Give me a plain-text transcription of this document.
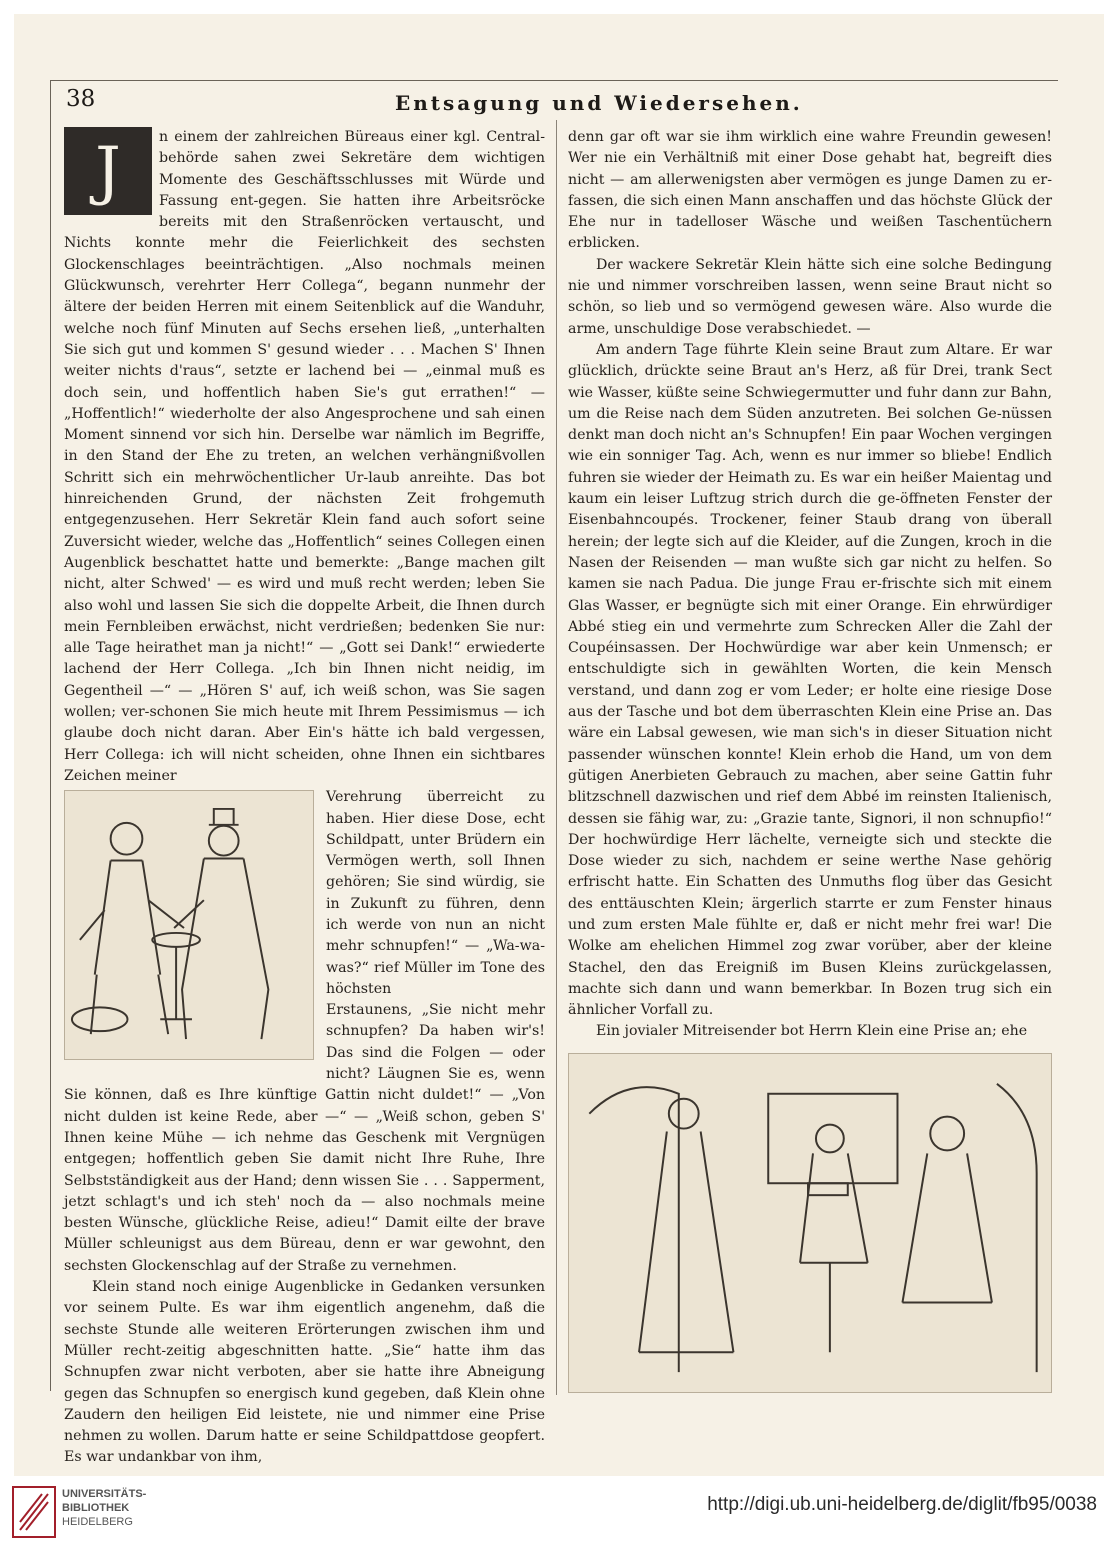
38	Entsagung und Wiedersehen.
J	n einem der zahlreichen Büreaus einer kgl. Central-behörde sahen zwei Sekretäre dem wichtigen Momente des Geschäftsschlusses mit Würde und Fassung ent-gegen. Sie hatten ihre Arbeitsröcke bereits mit den Straßenröcken vertauscht, und Nichts konnte mehr die Feierlichkeit des sechsten Glockenschlages beeinträchtigen. „Also nochmals meinen Glückwunsch, verehrter Herr Collega“, begann nunmehr der ältere der beiden Herren mit einem Seitenblick auf die Wanduhr, welche noch fünf Minuten auf Sechs ersehen ließ, „unterhalten Sie sich gut und kommen S' gesund wieder . . . Machen S' Ihnen weiter nichts d'raus“, setzte er lachend bei — „einmal muß es doch sein, und hoffentlich haben Sie's gut errathen!“ — „Hoffentlich!“ wiederholte der also Angesprochene und sah einen Moment sinnend vor sich hin. Derselbe war nämlich im Begriffe, in den Stand der Ehe zu treten, an welchen verhängnißvollen Schritt sich ein mehrwöchentlicher Ur-laub anreihte. Das bot hinreichenden Grund, der nächsten Zeit frohgemuth entgegenzusehen. Herr Sekretär Klein fand auch sofort seine Zuversicht wieder, welche das „Hoffentlich“ seines Collegen einen Augenblick beschattet hatte und bemerkte: „Bange machen gilt nicht, alter Schwed' — es wird und muß recht werden; leben Sie also wohl und lassen Sie sich die doppelte Arbeit, die Ihnen durch mein Fernbleiben erwächst, nicht verdrießen; bedenken Sie nur: alle Tage heirathet man ja nicht!“ — „Gott sei Dank!“ erwiederte lachend der Herr Collega. „Ich bin Ihnen nicht neidig, im Gegentheil —“ — „Hören S' auf, ich weiß schon, was Sie sagen wollen; ver-schonen Sie mich heute mit Ihrem Pessimismus — ich glaube doch nicht daran. Aber Ein's hätte ich bald vergessen, Herr Collega: ich will nicht scheiden, ohne Ihnen ein sichtbares Zeichen meiner

Verehrung überreicht zu haben. Hier diese Dose, echt Schildpatt, unter Brüdern ein Vermögen werth, soll Ihnen gehören; Sie sind würdig, sie in Zukunft zu führen, denn ich werde von nun an nicht mehr schnupfen!“ — „Wa-wa-was?“ rief Müller im Tone des höchsten

Erstaunens, „Sie nicht mehr schnupfen? Da haben wir's! Das sind die Folgen — oder nicht? Läugnen Sie es, wenn Sie können, daß es Ihre künftige Gattin nicht duldet!“ — „Von nicht dulden ist keine Rede, aber —“ — „Weiß schon, geben S' Ihnen keine Mühe — ich nehme das Geschenk mit Vergnügen entgegen; hoffentlich geben Sie damit nicht Ihre Ruhe, Ihre Selbstständigkeit aus der Hand; denn wissen Sie . . . Sapperment, jetzt schlagt's und ich steh' noch da — also nochmals meine besten Wünsche, glückliche Reise, adieu!“ Damit eilte der brave Müller schleunigst aus dem Büreau, denn er war gewohnt, den sechsten Glockenschlag auf der Straße zu vernehmen.

Klein stand noch einige Augenblicke in Gedanken versunken vor seinem Pulte. Es war ihm eigentlich angenehm, daß die sechste Stunde alle weiteren Erörterungen zwischen ihm und Müller recht-zeitig abgeschnitten hatte. „Sie“ hatte ihm das Schnupfen zwar nicht verboten, aber sie hatte ihre Abneigung gegen das Schnupfen so energisch kund gegeben, daß Klein ohne Zaudern den heiligen Eid leistete, nie und nimmer eine Prise nehmen zu wollen. Darum hatte er seine Schildpattdose geopfert. Es war undankbar von ihm,

denn gar oft war sie ihm wirklich eine wahre Freundin gewesen! Wer nie ein Verhältniß mit einer Dose gehabt hat, begreift dies nicht — am allerwenigsten aber vermögen es junge Damen zu er-fassen, die sich einen Mann anschaffen und das höchste Glück der Ehe nur in tadelloser Wäsche und weißen Taschentüchern erblicken.

Der wackere Sekretär Klein hätte sich eine solche Bedingung nie und nimmer vorschreiben lassen, wenn seine Braut nicht so schön, so lieb und so vermögend gewesen wäre. Also wurde die arme, unschuldige Dose verabschiedet. —

Am andern Tage führte Klein seine Braut zum Altare. Er war glücklich, drückte seine Braut an's Herz, aß für Drei, trank Sect wie Wasser, küßte seine Schwiegermutter und fuhr dann zur Bahn, um die Reise nach dem Süden anzutreten. Bei solchen Ge-nüssen denkt man doch nicht an's Schnupfen! Ein paar Wochen vergingen wie ein sonniger Tag. Ach, wenn es nur immer so bliebe! Endlich fuhren sie wieder der Heimath zu. Es war ein heißer Maientag und kaum ein leiser Luftzug strich durch die ge-öffneten Fenster der Eisenbahncoupés. Trockener, feiner Staub drang von überall herein; der legte sich auf die Kleider, auf die Zungen, kroch in die Nasen der Reisenden — man wußte sich gar nicht zu helfen. So kamen sie nach Padua. Die junge Frau er-frischte sich mit einem Glas Wasser, er begnügte sich mit einer Orange. Ein ehrwürdiger Abbé stieg ein und vermehrte zum Schrecken Aller die Zahl der Coupéinsassen. Der Hochwürdige war aber kein Unmensch; er entschuldigte sich in gewählten Worten, die kein Mensch verstand, und dann zog er vom Leder; er holte eine riesige Dose aus der Tasche und bot dem überraschten Klein eine Prise an. Das wäre ein Labsal gewesen, wie man sich's in dieser Situation nicht passender wünschen konnte! Klein erhob die Hand, um von dem gütigen Anerbieten Gebrauch zu machen, aber seine Gattin fuhr blitzschnell dazwischen und rief dem Abbé im reinsten Italienisch, dessen sie fähig war, zu: „Grazie tante, Signori, il non schnupfio!“ Der hochwürdige Herr lächelte, verneigte sich und steckte die Dose wieder zu sich, nachdem er seine werthe Nase gehörig erfrischt hatte. Ein Schatten des Unmuths flog über das Gesicht des enttäuschten Klein; ärgerlich starrte er zum Fenster hinaus und zum ersten Male fühlte er, daß er nicht mehr frei war! Die Wolke am ehelichen Himmel zog zwar vorüber, aber der kleine Stachel, den das Ereigniß im Busen Kleins zurückgelassen, machte sich dann und wann bemerkbar. In Bozen trug sich ein ähnlicher Vorfall zu.

Ein jovialer Mitreisender bot Herrn Klein eine Prise an; ehe

UNIVERSITÄTS-
BIBLIOTHEK
HEIDELBERG
http://digi.ub.uni-heidelberg.de/diglit/fb95/0038
